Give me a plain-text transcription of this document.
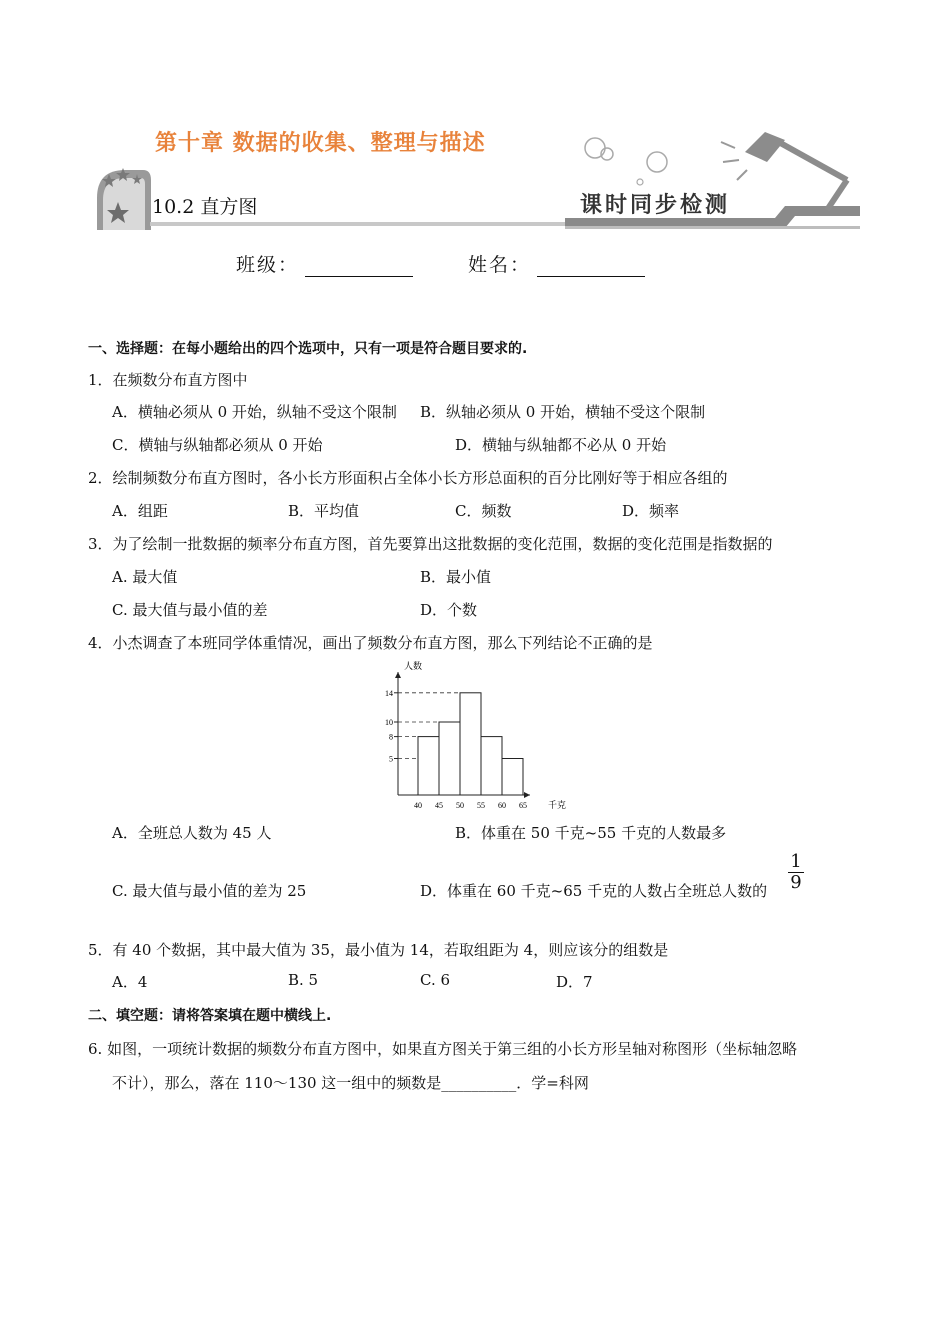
第十章 数据的收集、整理与描述
10.2 直方图	课时同步检测
班级：	姓名：
一、选择题：在每小题给出的四个选项中，只有一项是符合题目要求的.
1．在频数分布直方图中
A．横轴必须从 0 开始，纵轴不受这个限制 B．纵轴必须从 0 开始，横轴不受这个限制
C．横轴与纵轴都必须从 0 开始	D．横轴与纵轴都不必从 0 开始
2．绘制频数分布直方图时，各小长方形面积占全体小长方形总面积的百分比刚好等于相应各组的
A．组距	B．平均值	C．频数	D．频率
3．为了绘制一批数据的频率分布直方图，首先要算出这批数据的变化范围，数据的变化范围是指数据的
A. 最大值	B．最小值
C. 最大值与最小值的差	D．个数
4．小杰调查了本班同学体重情况，画出了频数分布直方图，那么下列结论不正确的是
人数
千克
5
8
10
14
40 45 50 55 60 65
A．全班总人数为 45 人	B．体重在 50 千克~55 千克的人数最多
C. 最大值与最小值的差为 25	D．体重在 60 千克~65 千克的人数占全班总人数的 $\frac{1}{9}$
5．有 40 个数据，其中最大值为 35，最小值为 14，若取组距为 4，则应该分的组数是
A．4	B. 5	C. 6	D．7
二、填空题：请将答案填在题中横线上.
6. 如图，一项统计数据的频数分布直方图中，如果直方图关于第三组的小长方形呈轴对称图形（坐标轴忽略
不计），那么，落在 110～130 这一组中的频数是__________．学=科网
